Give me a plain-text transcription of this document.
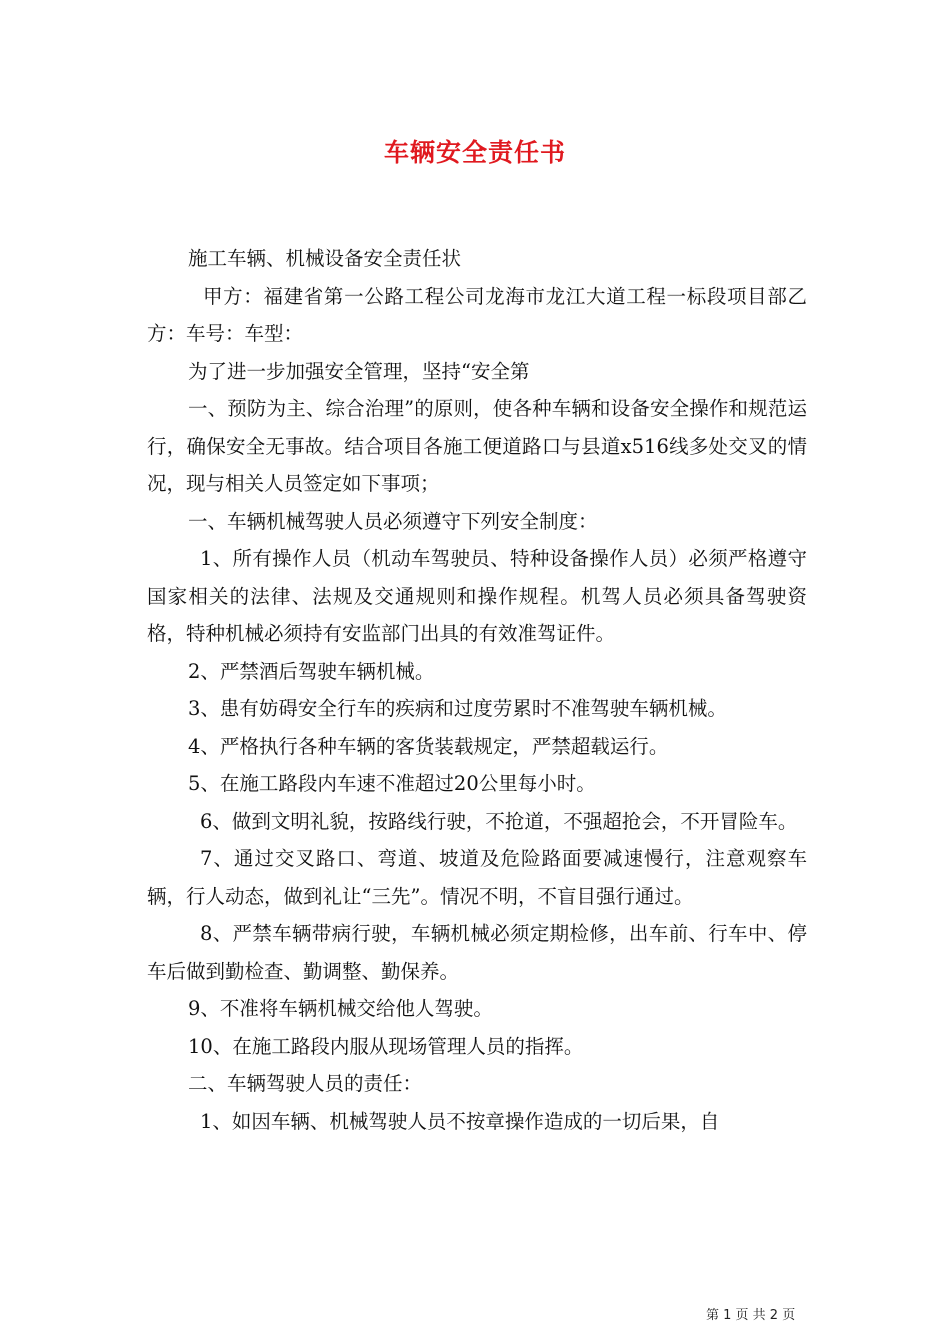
车辆安全责任书

施工车辆、机械设备安全责任状

甲方：福建省第一公路工程公司龙海市龙江大道工程一标段项目部乙方：车号：车型：

为了进一步加强安全管理，坚持“安全第

一、预防为主、综合治理”的原则，使各种车辆和设备安全操作和规范运行，确保安全无事故。结合项目各施工便道路口与县道x516线多处交叉的情况，现与相关人员签定如下事项；

一、车辆机械驾驶人员必须遵守下列安全制度：

1、所有操作人员（机动车驾驶员、特种设备操作人员）必须严格遵守国家相关的法律、法规及交通规则和操作规程。机驾人员必须具备驾驶资格，特种机械必须持有安监部门出具的有效准驾证件。

2、严禁酒后驾驶车辆机械。

3、患有妨碍安全行车的疾病和过度劳累时不准驾驶车辆机械。

4、严格执行各种车辆的客货装载规定，严禁超载运行。

5、在施工路段内车速不准超过20公里每小时。

6、做到文明礼貌，按路线行驶，不抢道，不强超抢会，不开冒险车。

7、通过交叉路口、弯道、坡道及危险路面要减速慢行，注意观察车辆，行人动态，做到礼让“三先”。情况不明，不盲目强行通过。

8、严禁车辆带病行驶，车辆机械必须定期检修，出车前、行车中、停车后做到勤检查、勤调整、勤保养。

9、不准将车辆机械交给他人驾驶。

10、在施工路段内服从现场管理人员的指挥。

二、车辆驾驶人员的责任：

1、如因车辆、机械驾驶人员不按章操作造成的一切后果，自

第 1 页 共 2 页
